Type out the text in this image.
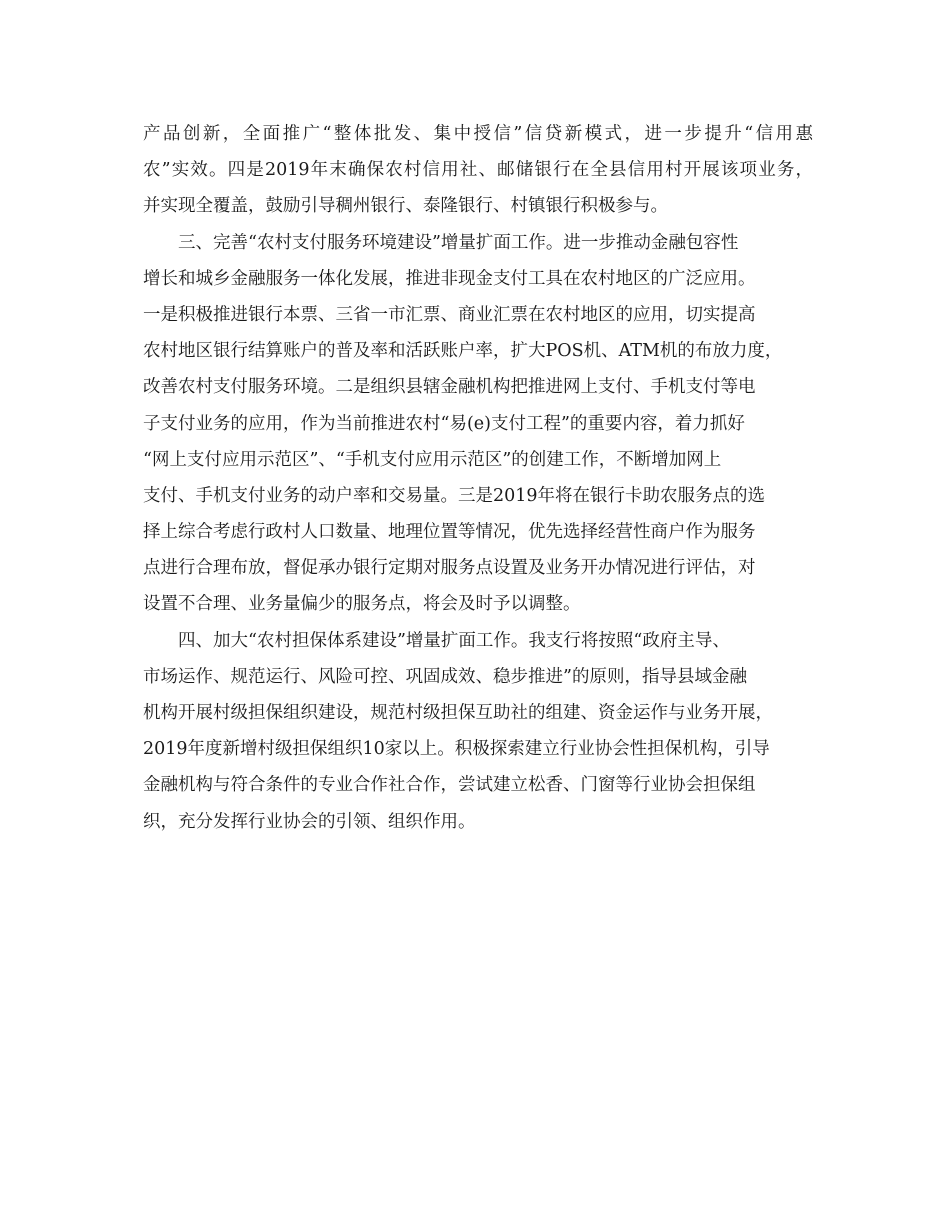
产品创新，全面推广“整体批发、集中授信”信贷新模式，进一步提升“信用惠
农”实效。四是2019年末确保农村信用社、邮储银行在全县信用村开展该项业务，
并实现全覆盖，鼓励引导稠州银行、泰隆银行、村镇银行积极参与。
三、完善“农村支付服务环境建设”增量扩面工作。进一步推动金融包容性
增长和城乡金融服务一体化发展，推进非现金支付工具在农村地区的广泛应用。
一是积极推进银行本票、三省一市汇票、商业汇票在农村地区的应用，切实提高
农村地区银行结算账户的普及率和活跃账户率，扩大POS机、ATM机的布放力度，
改善农村支付服务环境。二是组织县辖金融机构把推进网上支付、手机支付等电
子支付业务的应用，作为当前推进农村“易(e)支付工程”的重要内容，着力抓好
“网上支付应用示范区”、“手机支付应用示范区”的创建工作，不断增加网上
支付、手机支付业务的动户率和交易量。三是2019年将在银行卡助农服务点的选
择上综合考虑行政村人口数量、地理位置等情况，优先选择经营性商户作为服务
点进行合理布放，督促承办银行定期对服务点设置及业务开办情况进行评估，对
设置不合理、业务量偏少的服务点，将会及时予以调整。
四、加大“农村担保体系建设”增量扩面工作。我支行将按照“政府主导、
市场运作、规范运行、风险可控、巩固成效、稳步推进”的原则，指导县域金融
机构开展村级担保组织建设，规范村级担保互助社的组建、资金运作与业务开展，
2019年度新增村级担保组织10家以上。积极探索建立行业协会性担保机构，引导
金融机构与符合条件的专业合作社合作，尝试建立松香、门窗等行业协会担保组
织，充分发挥行业协会的引领、组织作用。
